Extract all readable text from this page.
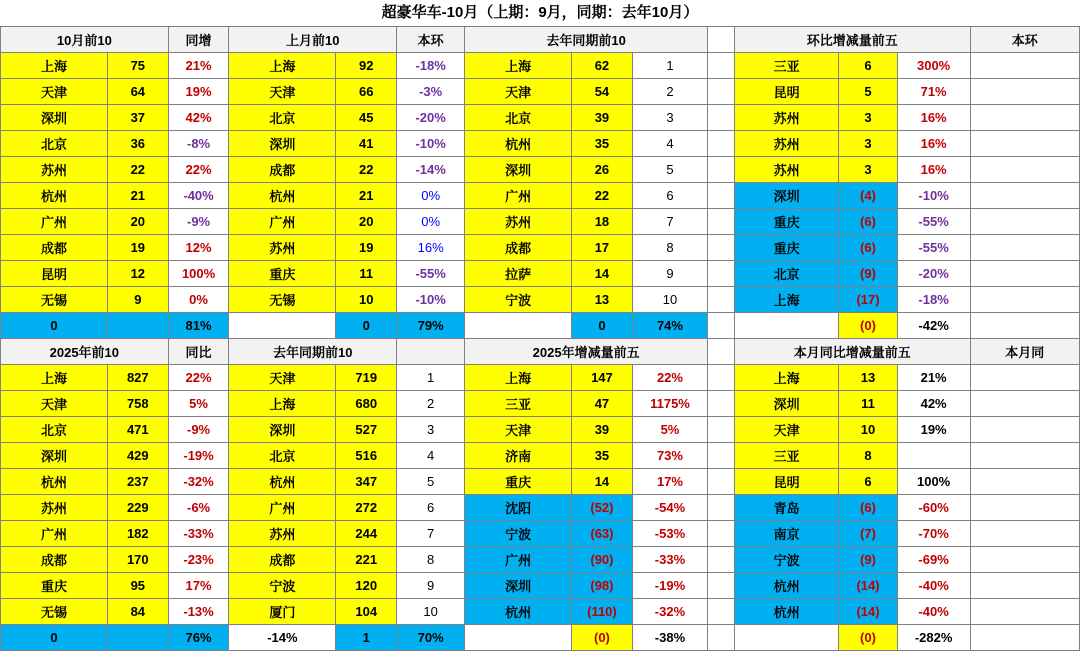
超豪华车-10月（上期：9月，同期：去年10月）
10月前10		同增	上月前10		本环	去年同期前10				环比增减量前五			本环
上海	75	21%	上海	92	-18%	上海	62	1		三亚	6	300%	
天津	64	19%	天津	66	-3%	天津	54	2		昆明	5	71%	
深圳	37	42%	北京	45	-20%	北京	39	3		苏州	3	16%	
北京	36	-8%	深圳	41	-10%	杭州	35	4		苏州	3	16%	
苏州	22	22%	成都	22	-14%	深圳	26	5		苏州	3	16%	
杭州	21	-40%	杭州	21	0%	广州	22	6		深圳	(4)	-10%	
广州	20	-9%	广州	20	0%	苏州	18	7		重庆	(6)	-55%	
成都	19	12%	苏州	19	16%	成都	17	8		重庆	(6)	-55%	
昆明	12	100%	重庆	11	-55%	拉萨	14	9		北京	(9)	-20%	
无锡	9	0%	无锡	10	-10%	宁波	13	10		上海	(17)	-18%	
0		81%		0	79%		0	74%			(0)	-42%	
2025年前10		同比	去年同期前10			2025年增减量前五				本月同比增减量前五			本月同
上海	827	22%	天津	719	1	上海	147	22%		上海	13	21%	
天津	758	5%	上海	680	2	三亚	47	1175%		深圳	11	42%	
北京	471	-9%	深圳	527	3	天津	39	5%		天津	10	19%	
深圳	429	-19%	北京	516	4	济南	35	73%		三亚	8		
杭州	237	-32%	杭州	347	5	重庆	14	17%		昆明	6	100%	
苏州	229	-6%	广州	272	6	沈阳	(52)	-54%		青岛	(6)	-60%	
广州	182	-33%	苏州	244	7	宁波	(63)	-53%		南京	(7)	-70%	
成都	170	-23%	成都	221	8	广州	(90)	-33%		宁波	(9)	-69%	
重庆	95	17%	宁波	120	9	深圳	(98)	-19%		杭州	(14)	-40%	
无锡	84	-13%	厦门	104	10	杭州	(110)	-32%		杭州	(14)	-40%	
0		76%	-14%	1	70%		(0)	-38%			(0)	-282%	
